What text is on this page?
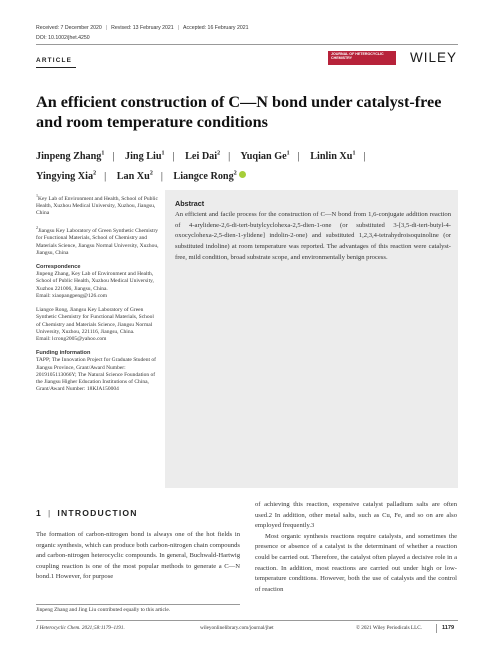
Received: 7 December 2020 | Revised: 13 February 2021 | Accepted: 16 February 2021
DOI: 10.1002/jhet.4250
ARTICLE
JOURNAL OF HETEROCYCLIC CHEMISTRY	WILEY
An efficient construction of C—N bond under catalyst-free and room temperature conditions
Jinpeng Zhang$^1$ | Jing Liu$^1$ | Lei Dai$^2$ | Yuqian Ge$^1$ | Linlin Xu$^1$ |
Yingying Xia$^2$ | Lan Xu$^2$ | Liangce Rong$^2$
$^1$Key Lab of Environment and Health, School of Public Health, Xuzhou Medical University, Xuzhou, Jiangsu, China
$^2$Jiangsu Key Laboratory of Green Synthetic Chemistry for Functional Materials, School of Chemistry and Materials Science, Jiangsu Normal University, Xuzhou, Jiangsu, China
Correspondence
Jinpeng Zhang, Key Lab of Environment and Health, School of Public Health, Xuzhou Medical University, Xuzhou 221006, Jiangsu, China.
Email: xiaopangpeng@126.com
Liangce Rong, Jiangsu Key Laboratory of Green Synthetic Chemistry for Functional Materials, School of Chemistry and Materials Science, Jiangsu Normal University, Xuzhou, 221116, Jiangsu, China.
Email: lcrong2005@yahoo.com
Funding information
TAPP; The Innovation Project for Graduate Student of Jiangsu Province, Grant/Award Number: 2019105113066Y; The Natural Science Foundation of the Jiangsu Higher Education Institutions of China, Grant/Award Number: 18KJA150004
Abstract
An efficient and facile process for the construction of C—N bond from 1,6-conjugate addition reaction of 4-arylidene-2,6-di-tert-butylcyclohexa-2,5-dien-1-one (or substituted 3-[3,5-di-tert-butyl-4-oxocyclohexa-2,5-dien-1-ylidene] indolin-2-one) and substituted 1,2,3,4-tetrahydroisoquinoline (or substituted indoline) at room temperature was reported. The advantages of this reaction were catalyst-free, mild condition, broad substrate scope, and environmentally benign process.
1 | INTRODUCTION

The formation of carbon-nitrogen bond is always one of the hot fields in organic synthesis, which can produce both carbon-nitrogen chain compounds and carbon-nitrogen heterocyclic compounds. In general, Buchwald-Hartwig coupling reaction is one of the most popular methods to generate a C—N bond.1 However, for purpose

of achieving this reaction, expensive catalyst palladium salts are often used.2 In addition, other metal salts, such as Cu, Fe, and so on are also employed frequently.3

Most organic synthesis reactions require catalysts, and sometimes the presence or absence of a catalyst is the determinant of whether a reaction could be carried out. Therefore, the catalyst often played a decisive role in a reaction. In addition, most reactions are carried out under high or low-temperature conditions. However, both the use of catalysts and the control of reaction

Jinpeng Zhang and Jing Liu contributed equally to this article.
J Heterocyclic Chem. 2021;58:1179–1191.	wileyonlinelibrary.com/journal/jhet	© 2021 Wiley Periodicals LLC.	1179
